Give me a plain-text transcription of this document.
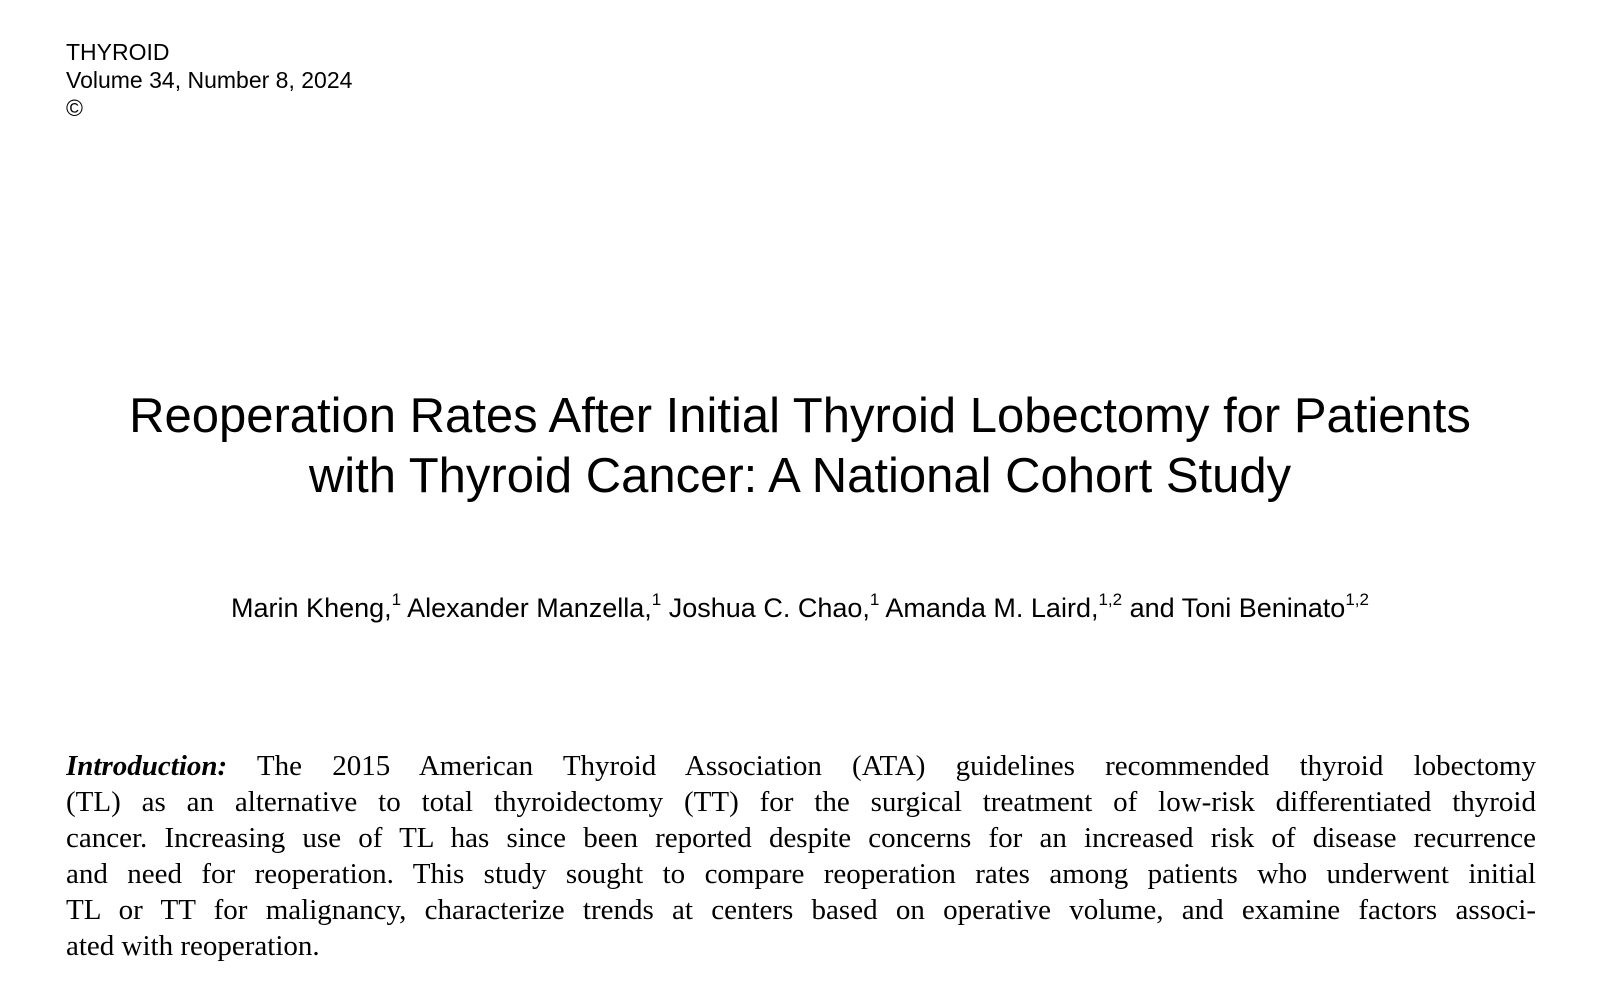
THYROID
Volume 34, Number 8, 2024
©
Reoperation Rates After Initial Thyroid Lobectomy for Patients
with Thyroid Cancer: A National Cohort Study
Marin Kheng,$^1$ Alexander Manzella,$^1$ Joshua C. Chao,$^1$ Amanda M. Laird,$^{1,2}$ and Toni Beninato$^{1,2}$
Introduction: The 2015 American Thyroid Association (ATA) guidelines recommended thyroid lobectomy
(TL) as an alternative to total thyroidectomy (TT) for the surgical treatment of low-risk differentiated thyroid
cancer. Increasing use of TL has since been reported despite concerns for an increased risk of disease recurrence
and need for reoperation. This study sought to compare reoperation rates among patients who underwent initial
TL or TT for malignancy, characterize trends at centers based on operative volume, and examine factors associ-
ated with reoperation.
